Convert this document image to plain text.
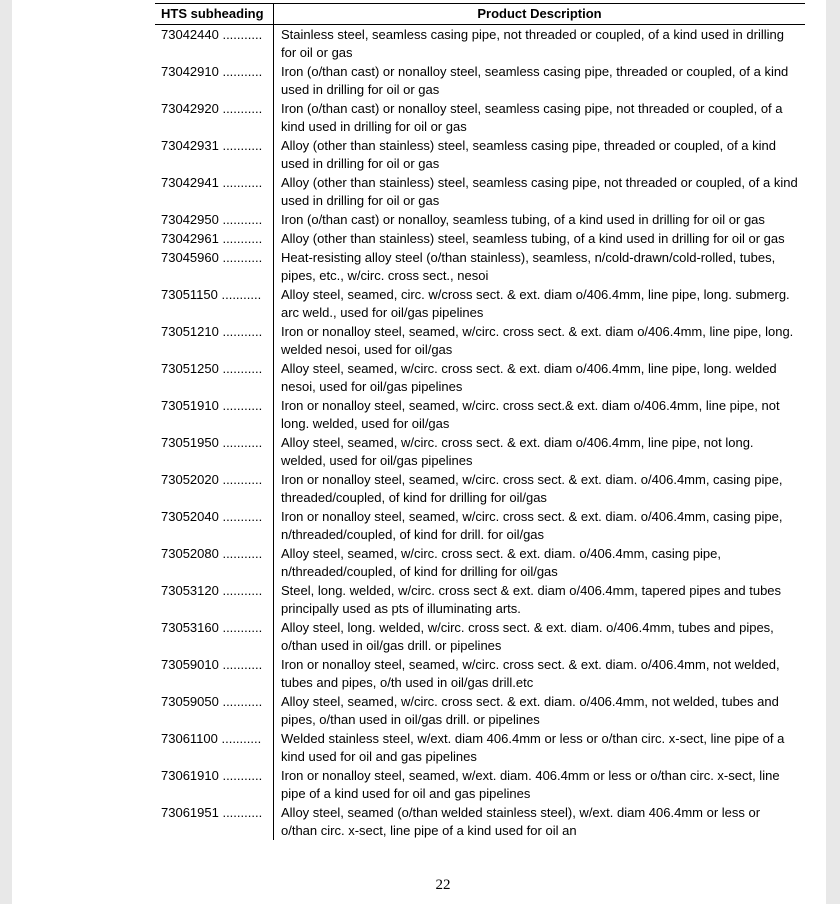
HTS subheading	Product Description
73042440 ...........	Stainless steel, seamless casing pipe, not threaded or coupled, of a kind used in drilling for oil or gas
73042910 ...........	Iron (o/than cast) or nonalloy steel, seamless casing pipe, threaded or coupled, of a kind used in drilling for oil or gas
73042920 ...........	Iron (o/than cast) or nonalloy steel, seamless casing pipe, not threaded or coupled, of a kind used in drilling for oil or gas
73042931 ...........	Alloy (other than stainless) steel, seamless casing pipe, threaded or coupled, of a kind used in drilling for oil or gas
73042941 ...........	Alloy (other than stainless) steel, seamless casing pipe, not threaded or coupled, of a kind used in drilling for oil or gas
73042950 ...........	Iron (o/than cast) or nonalloy, seamless tubing, of a kind used in drilling for oil or gas
73042961 ...........	Alloy (other than stainless) steel, seamless tubing, of a kind used in drilling for oil or gas
73045960 ...........	Heat-resisting alloy steel (o/than stainless), seamless, n/cold-drawn/cold-rolled, tubes, pipes, etc., w/circ. cross sect., nesoi
73051150 ...........	Alloy steel, seamed, circ. w/cross sect. & ext. diam o/406.4mm, line pipe, long. submerg. arc weld., used for oil/gas pipelines
73051210 ...........	Iron or nonalloy steel, seamed, w/circ. cross sect. & ext. diam o/406.4mm, line pipe, long. welded nesoi, used for oil/gas
73051250 ...........	Alloy steel, seamed, w/circ. cross sect. & ext. diam o/406.4mm, line pipe, long. welded nesoi, used for oil/gas pipelines
73051910 ...........	Iron or nonalloy steel, seamed, w/circ. cross sect.& ext. diam o/406.4mm, line pipe, not long. welded, used for oil/gas
73051950 ...........	Alloy steel, seamed, w/circ. cross sect. & ext. diam o/406.4mm, line pipe, not long. welded, used for oil/gas pipelines
73052020 ...........	Iron or nonalloy steel, seamed, w/circ. cross sect. & ext. diam. o/406.4mm, casing pipe, threaded/coupled, of kind for drilling for oil/gas
73052040 ...........	Iron or nonalloy steel, seamed, w/circ. cross sect. & ext. diam. o/406.4mm, casing pipe, n/threaded/coupled, of kind for drill. for oil/gas
73052080 ...........	Alloy steel, seamed, w/circ. cross sect. & ext. diam. o/406.4mm, casing pipe, n/threaded/coupled, of kind for drilling for oil/gas
73053120 ...........	Steel, long. welded, w/circ. cross sect & ext. diam o/406.4mm, tapered pipes and tubes principally used as pts of illuminating arts.
73053160 ...........	Alloy steel, long. welded, w/circ. cross sect. & ext. diam. o/406.4mm, tubes and pipes, o/than used in oil/gas drill. or pipelines
73059010 ...........	Iron or nonalloy steel, seamed, w/circ. cross sect. & ext. diam. o/406.4mm, not welded, tubes and pipes, o/th used in oil/gas drill.etc
73059050 ...........	Alloy steel, seamed, w/circ. cross sect. & ext. diam. o/406.4mm, not welded, tubes and pipes, o/than used in oil/gas drill. or pipelines
73061100 ...........	Welded stainless steel, w/ext. diam 406.4mm or less or o/than circ. x-sect, line pipe of a kind used for oil and gas pipelines
73061910 ...........	Iron or nonalloy steel, seamed, w/ext. diam. 406.4mm or less or o/than circ. x-sect, line pipe of a kind used for oil and gas pipelines
73061951 ...........	Alloy steel, seamed (o/than welded stainless steel), w/ext. diam 406.4mm or less or o/than circ. x-sect, line pipe of a kind used for oil an
22
